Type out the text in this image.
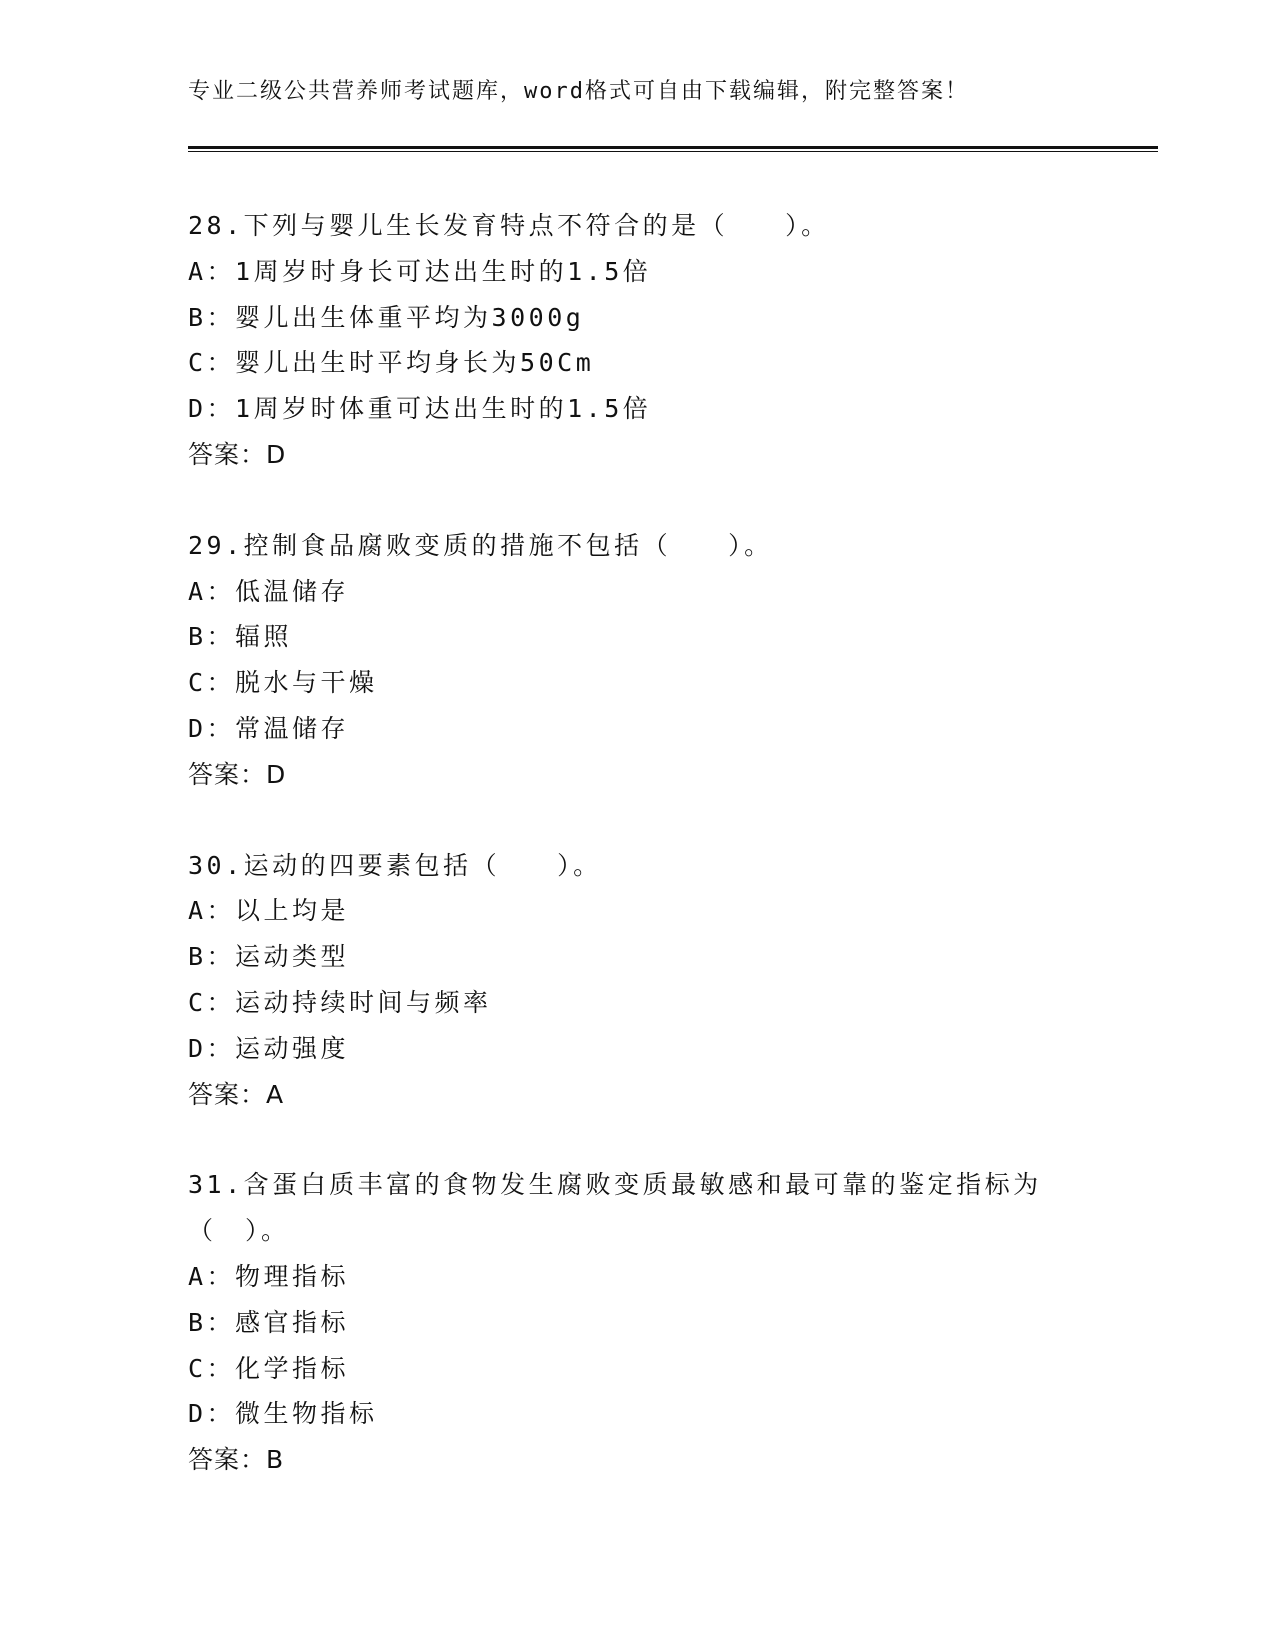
专业二级公共营养师考试题库，word格式可自由下载编辑，附完整答案！
28.下列与婴儿生长发育特点不符合的是（　　）。
A：1周岁时身长可达出生时的1.5倍
B：婴儿出生体重平均为3000g
C：婴儿出生时平均身长为50Cm
D：1周岁时体重可达出生时的1.5倍
答案：D
29.控制食品腐败变质的措施不包括（　　）。
A：低温储存
B：辐照
C：脱水与干燥
D：常温储存
答案：D
30.运动的四要素包括（　　）。
A：以上均是
B：运动类型
C：运动持续时间与频率
D：运动强度
答案：A
31.含蛋白质丰富的食物发生腐败变质最敏感和最可靠的鉴定指标为（　）。
A：物理指标
B：感官指标
C：化学指标
D：微生物指标
答案：B
